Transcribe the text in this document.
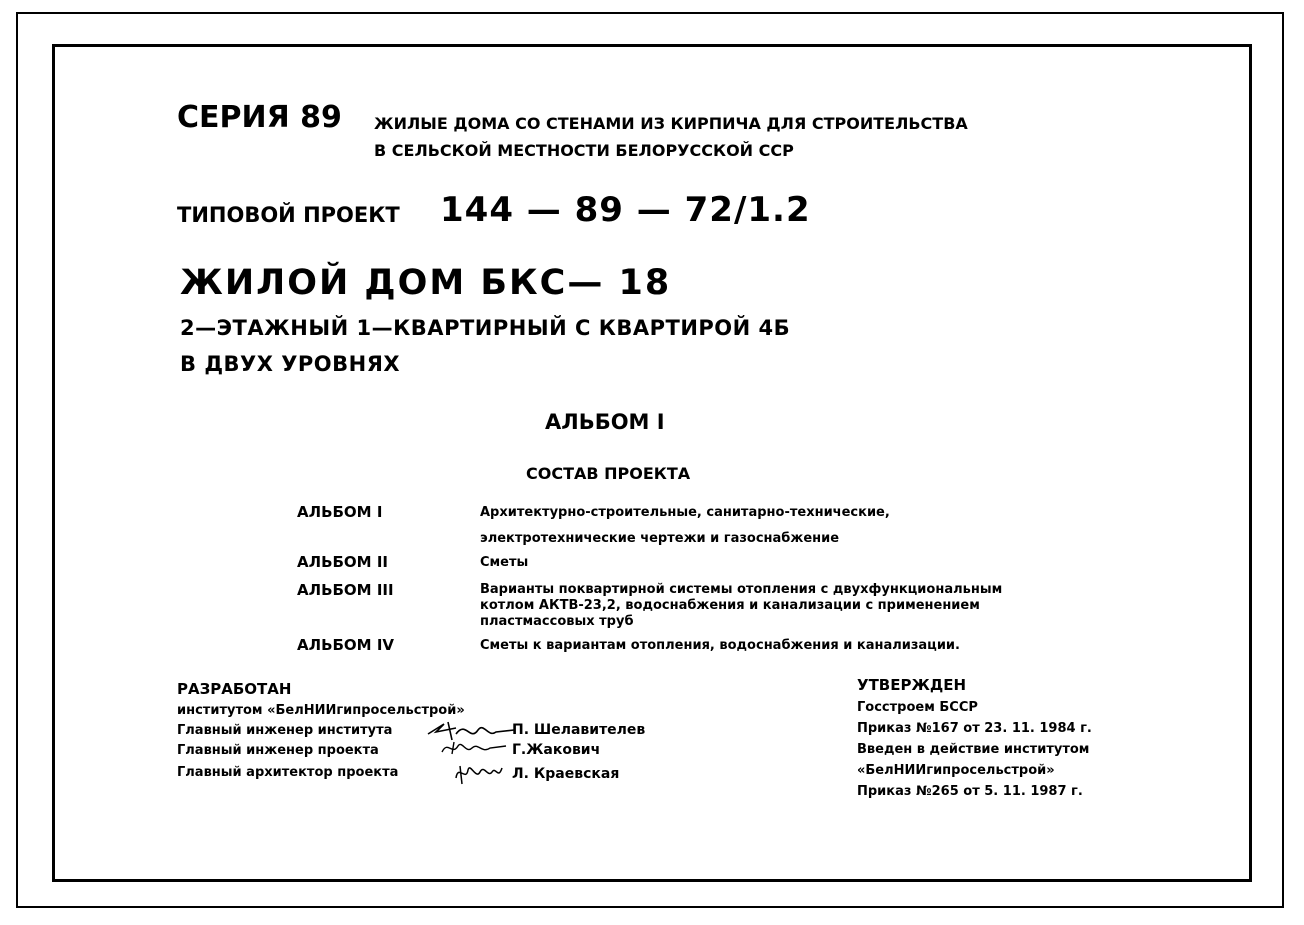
СЕРИЯ 89 ЖИЛЫЕ ДОМА СО СТЕНАМИ ИЗ КИРПИЧА ДЛЯ СТРОИТЕЛЬСТВА
В СЕЛЬСКОЙ МЕСТНОСТИ БЕЛОРУССКОЙ ССР
ТИПОВОЙ ПРОЕКТ 144 — 89 — 72/1.2
ЖИЛОЙ ДОМ БКС— 18
2—ЭТАЖНЫЙ 1—КВАРТИРНЫЙ С КВАРТИРОЙ 4Б
В ДВУХ УРОВНЯХ
АЛЬБОМ I
СОСТАВ ПРОЕКТА
АЛЬБОМ I	Архитектурно-строительные, санитарно-технические,
электротехнические чертежи и газоснабжение
АЛЬБОМ II	Сметы
АЛЬБОМ III	Варианты поквартирной системы отопления с двухфункциональным
котлом АКТВ-23,2, водоснабжения и канализации с применением
пластмассовых труб
АЛЬБОМ IV	Сметы к вариантам отопления, водоснабжения и канализации.
РАЗРАБОТАН
институтом «БелНИИгипросельстрой»
Главный инженер института	П. Шелавителев
Главный инженер проекта	Г.Жакович
Главный архитектор проекта	Л. Краевская
УТВЕРЖДЕН
Госстроем БССР
Приказ №167 от 23. 11. 1984 г.
Введен в действие институтом
«БелНИИгипросельстрой»
Приказ №265 от 5. 11. 1987 г.
